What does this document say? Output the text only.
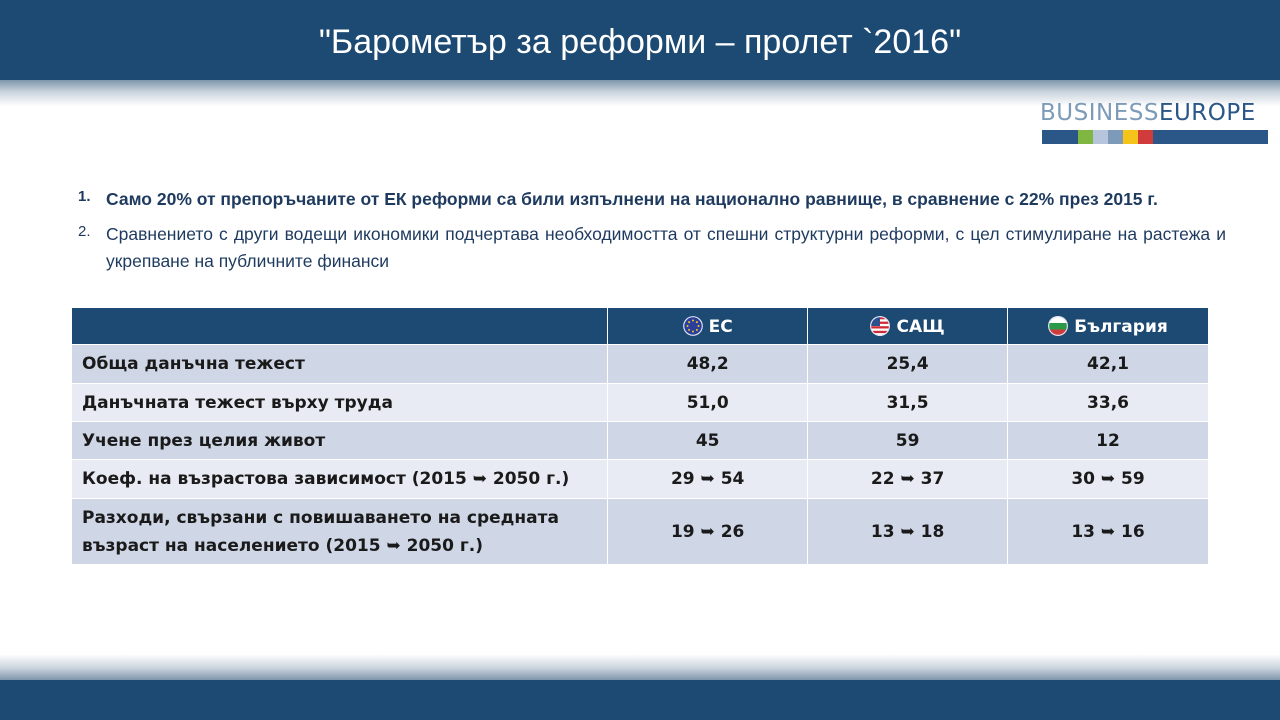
"Барометър за реформи – пролет `2016"
BUSINESSEUROPE
1. Само 20% от препоръчаните от ЕК реформи са били изпълнени на национално равнище, в сравнение с 22% през 2015 г.
2. Сравнението с други водещи икономики подчертава необходимостта от спешни структурни реформи, с цел стимулиране на растежа и укрепване на публичните финанси
	ЕС	САЩ	България
Обща данъчна тежест	48,2	25,4	42,1
Данъчната тежест върху труда	51,0	31,5	33,6
Учене през целия живот	45	59	12
Коеф. на възрастова зависимост (2015 ➥ 2050 г.)	29 ➥ 54	22 ➥ 37	30 ➥ 59
Разходи, свързани с повишаването на средната възраст на населението (2015 ➥ 2050 г.)	19 ➥ 26	13 ➥ 18	13 ➥ 16
